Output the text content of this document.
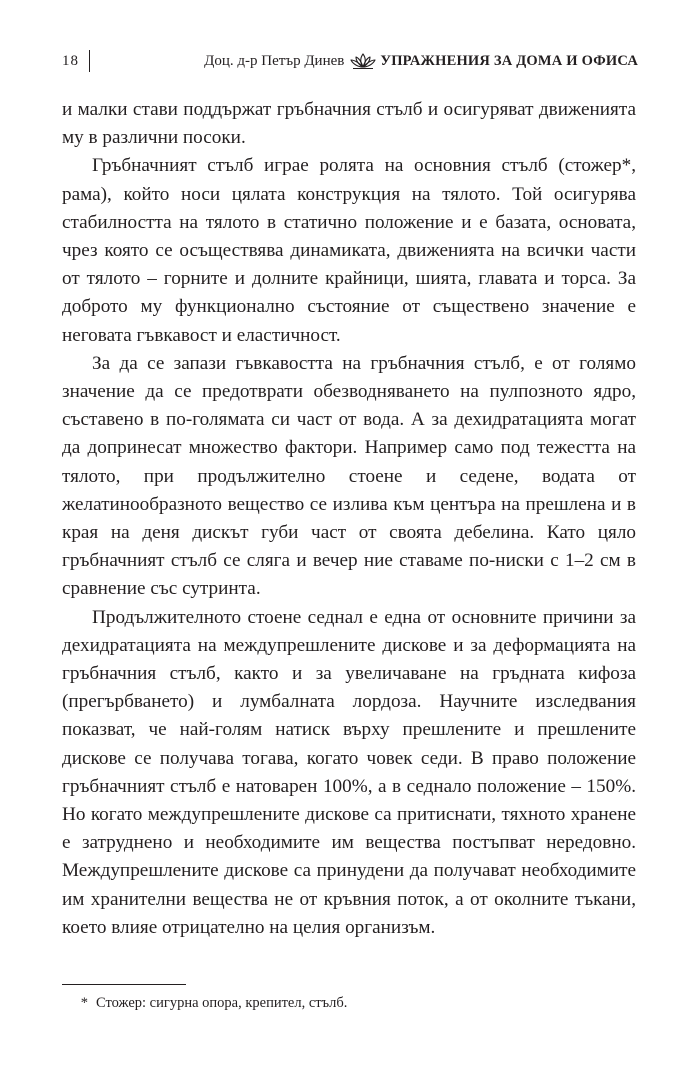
18	Доц. д-р Петър Динев УПРАЖНЕНИЯ ЗА ДОМА И ОФИСА

и малки стави поддържат гръбначния стълб и осигуряват движенията му в различни посоки.

Гръбначният стълб играе ролята на основния стълб (стожер*, рама), който носи цялата конструкция на тялото. Той осигурява стабилността на тялото в статично положение и е базата, основата, чрез която се осъществява динамиката, движенията на всички части от тялото – горните и долните крайници, шията, главата и торса. За доброто му функционално състояние от съществено значение е неговата гъвкавост и еластичност.

За да се запази гъвкавостта на гръбначния стълб, е от голямо значение да се предотврати обезводняването на пулпозното ядро, съставено в по-голямата си част от вода. А за дехидратацията могат да допринесат множество фактори. Например само под тежестта на тялото, при продължително стоене и седене, водата от желатинообразното вещество се излива към центъра на прешлена и в края на деня дискът губи част от своята дебелина. Като цяло гръбначният стълб се сляга и вечер ние ставаме по-ниски с 1–2 см в сравнение със сутринта.

Продължителното стоене седнал е една от основните причини за дехидратацията на междупрешлените дискове и за деформацията на гръбначния стълб, както и за увеличаване на гръдната кифоза (прегърбването) и лумбалната лордоза. Научните изследвания показват, че най-голям натиск върху прешлените и прешлените дискове се получава тогава, когато човек седи. В право положение гръбначният стълб е натоварен 100%, а в седнало положение – 150%. Но когато междупрешлените дискове са притиснати, тяхното хранене е затруднено и необходимите им вещества постъпват нередовно. Междупрешлените дискове са принудени да получават необходимите им хранителни вещества не от кръвния поток, а от околните тъкани, което влияе отрицателно на целия организъм.

* Стожер: сигурна опора, крепител, стълб.
